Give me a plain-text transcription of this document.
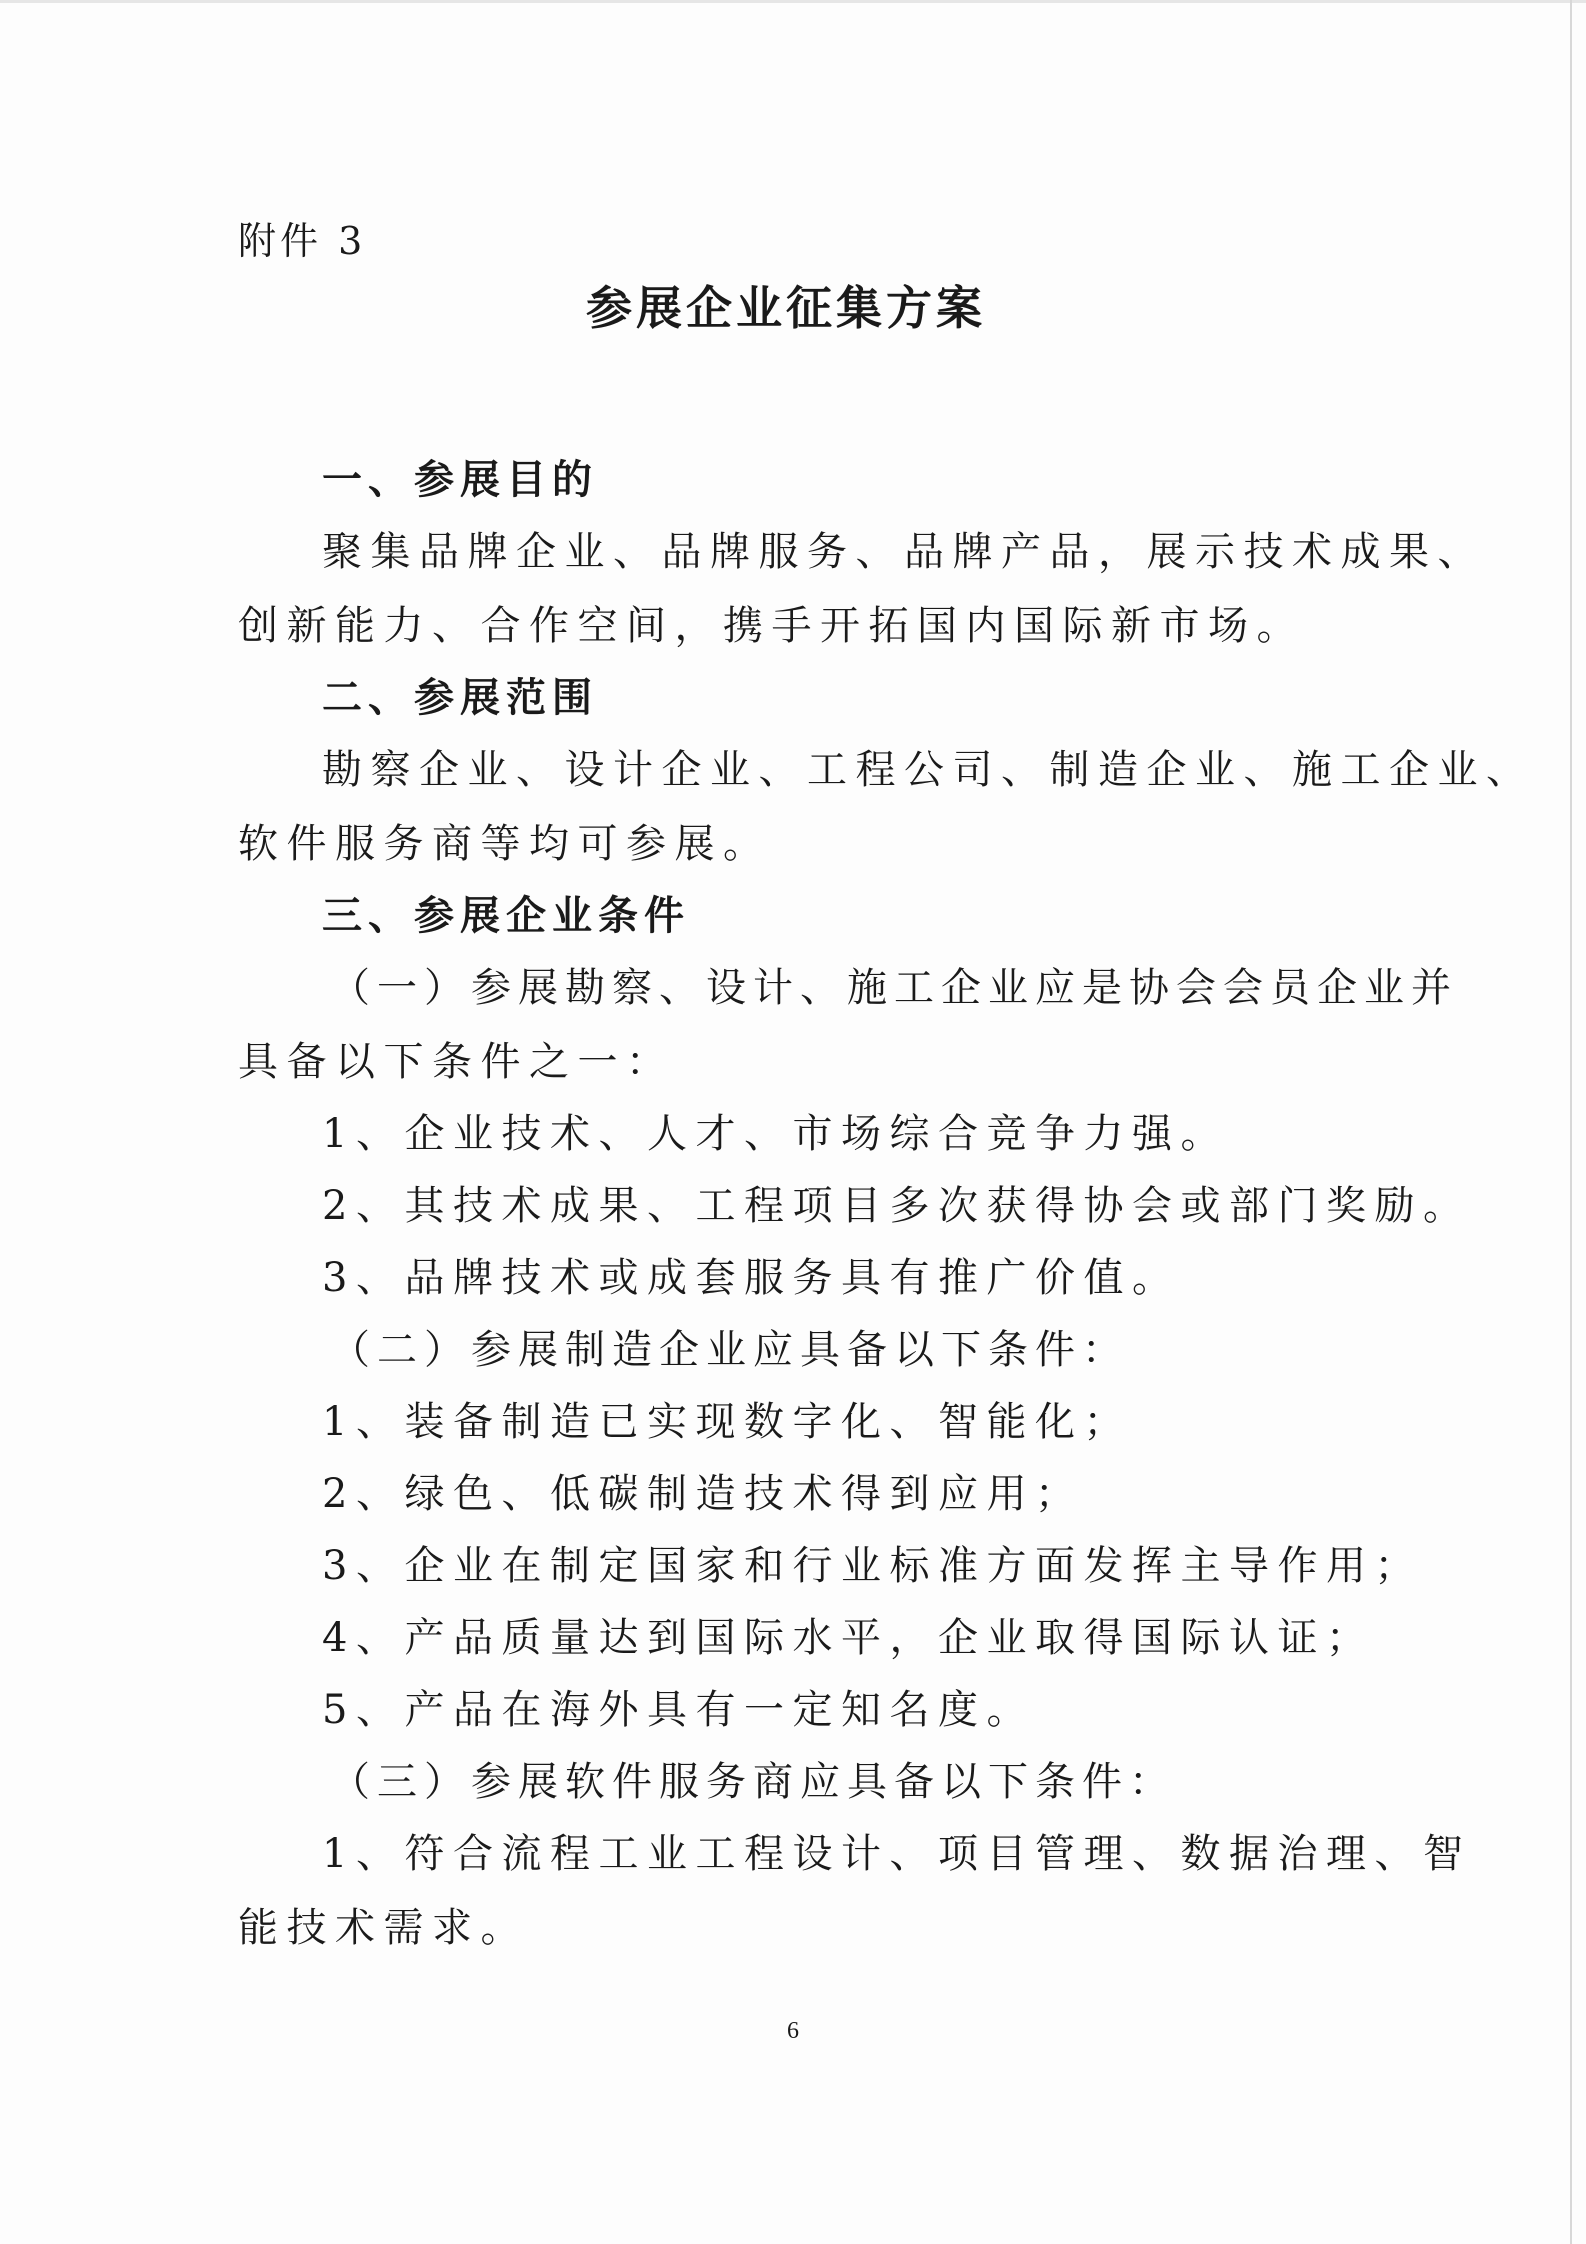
附件 3
参展企业征集方案
一、参展目的
聚集品牌企业、品牌服务、品牌产品，展示技术成果、
创新能力、合作空间，携手开拓国内国际新市场。
二、参展范围
勘察企业、设计企业、工程公司、制造企业、施工企业、
软件服务商等均可参展。
三、参展企业条件
（一）参展勘察、设计、施工企业应是协会会员企业并
具备以下条件之一：
1、企业技术、人才、市场综合竞争力强。
2、其技术成果、工程项目多次获得协会或部门奖励。
3、品牌技术或成套服务具有推广价值。
（二）参展制造企业应具备以下条件：
1、装备制造已实现数字化、智能化；
2、绿色、低碳制造技术得到应用；
3、企业在制定国家和行业标准方面发挥主导作用；
4、产品质量达到国际水平，企业取得国际认证；
5、产品在海外具有一定知名度。
（三）参展软件服务商应具备以下条件：
1、符合流程工业工程设计、项目管理、数据治理、智
能技术需求。
6
